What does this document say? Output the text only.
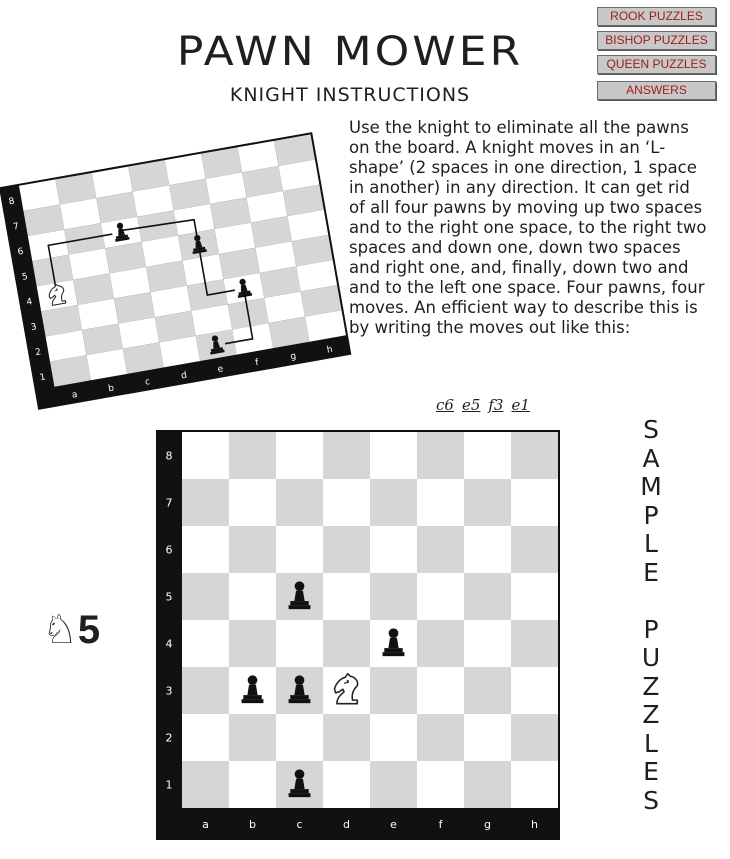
PAWN MOWER
KNIGHT INSTRUCTIONS
ROOK PUZZLES
BISHOP PUZZLES
QUEEN PUZZLES
ANSWERS
Use the knight to eliminate all the pawns on the board. A knight moves in an ‘L-shape’ (2 spaces in one direction, 1 space in another) in any direction. It can get rid of all four pawns by moving up two spaces and to the right one space, to the right two spaces and down one, down two spaces and right one, and, finally, down two and and to the left one space. Four pawns, four moves. An efficient way to describe this is by writing the moves out like this:
c6 e5 f3 e1
8
7
6
5
4
3
2
1
a
b
c
d
e
f
g
h
8
7
6
5
4
3
2
1
a	b	c	d	e	f	g	h
♘5
S
A
M
P
L
E

P
U
Z
Z
L
E
S
